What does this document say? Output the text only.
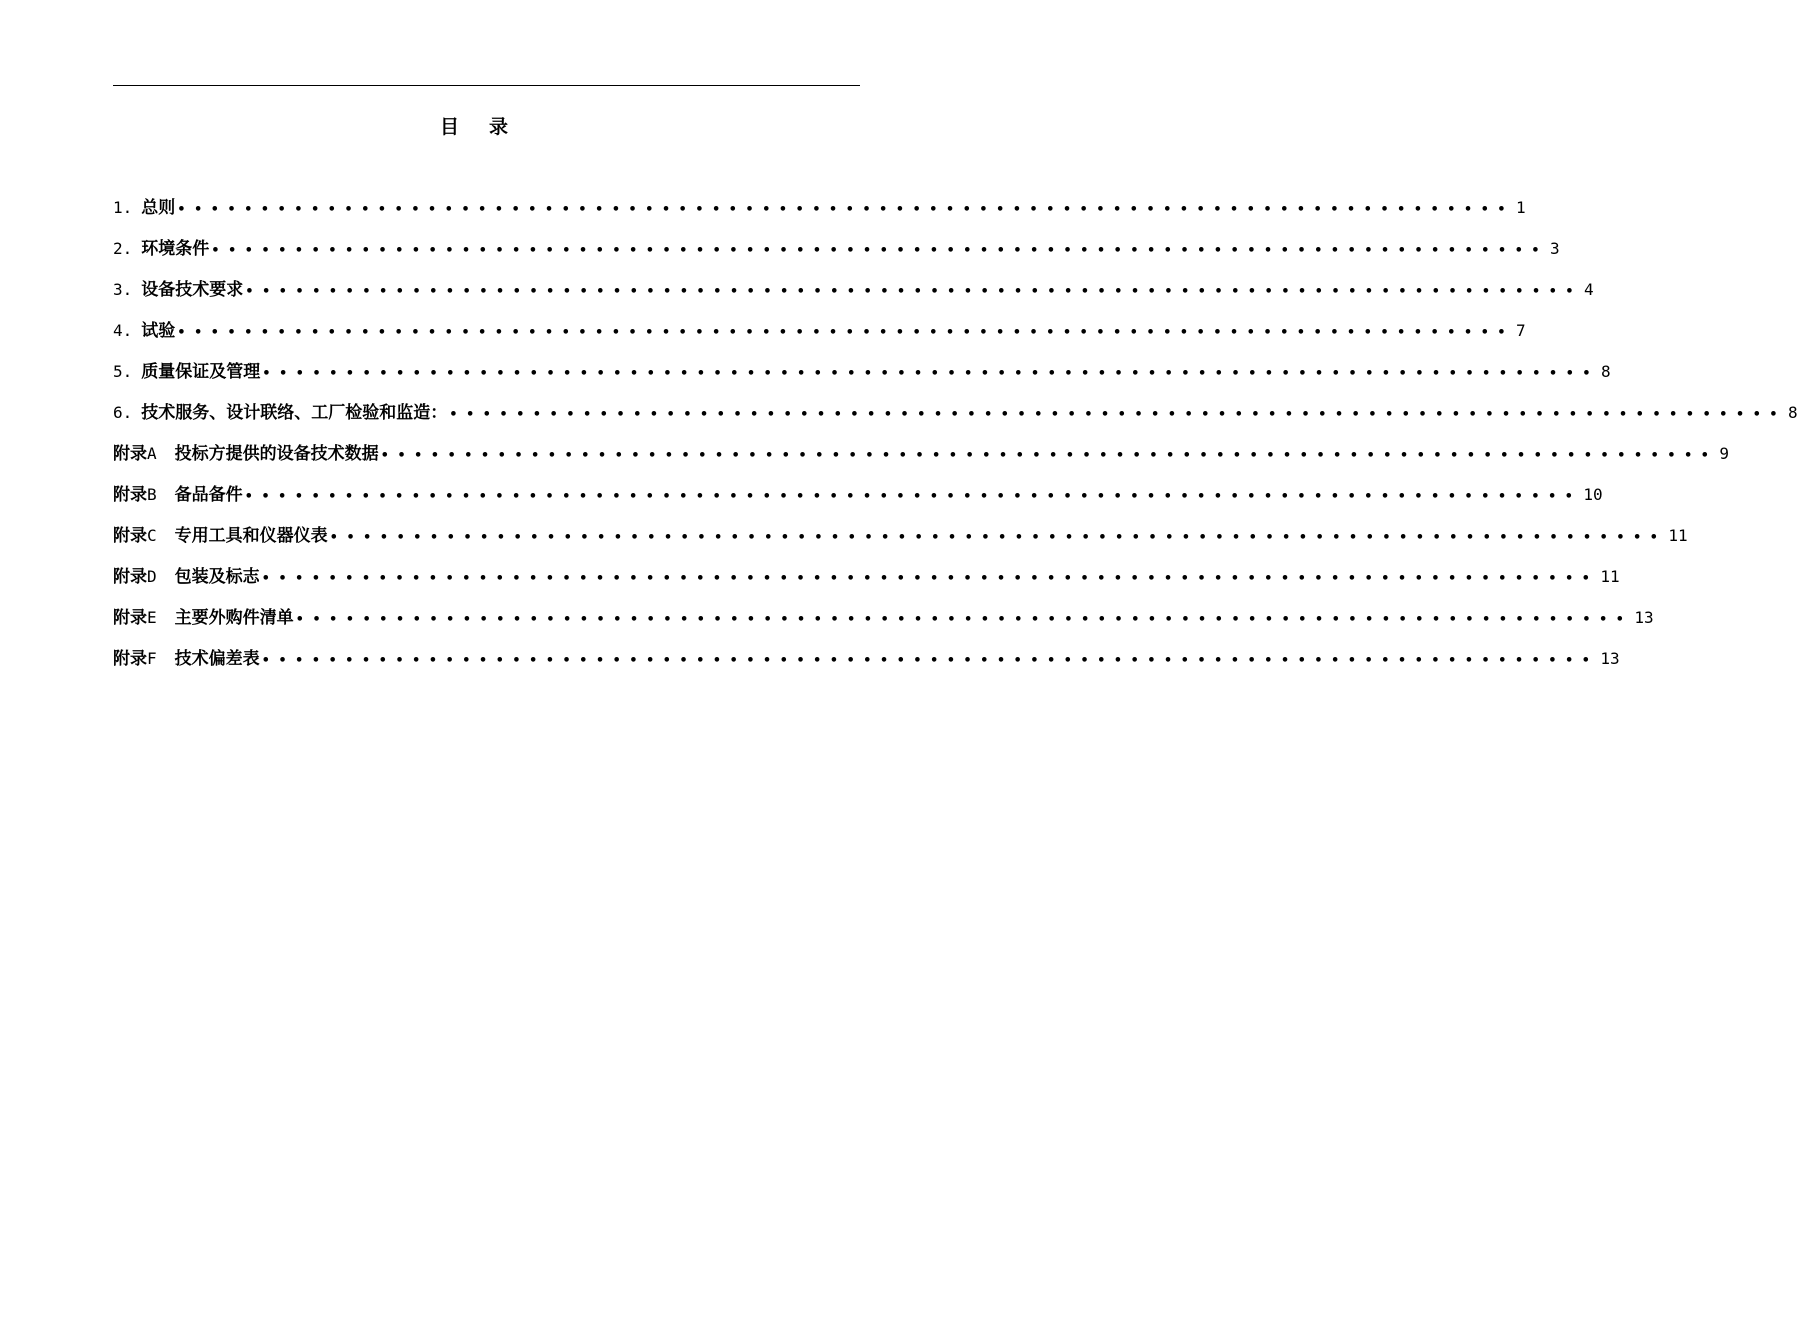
目 录
1. 总则 •••••••••••••••••••••••••••••••••••••••••••••••••••••••••••••••••••••••••••••••• 1
2. 环境条件 •••••••••••••••••••••••••••••••••••••••••••••••••••••••••••••••••••••••••••••••• 3
3. 设备技术要求 •••••••••••••••••••••••••••••••••••••••••••••••••••••••••••••••••••••••••••••••• 4
4. 试验 •••••••••••••••••••••••••••••••••••••••••••••••••••••••••••••••••••••••••••••••• 7
5. 质量保证及管理 •••••••••••••••••••••••••••••••••••••••••••••••••••••••••••••••••••••••••••••••• 8
6. 技术服务、设计联络、工厂检验和监造： •••••••••••••••••••••••••••••••••••••••••••••••••••••••••••••••••••••••••••••••• 8
附录 A 投标方提供的设备技术数据 •••••••••••••••••••••••••••••••••••••••••••••••••••••••••••••••••••••••••••••••• 9
附录 B 备品备件 •••••••••••••••••••••••••••••••••••••••••••••••••••••••••••••••••••••••••••••••• 10
附录 C 专用工具和仪器仪表 •••••••••••••••••••••••••••••••••••••••••••••••••••••••••••••••••••••••••••••••• 11
附录 D 包装及标志 •••••••••••••••••••••••••••••••••••••••••••••••••••••••••••••••••••••••••••••••• 11
附录 E 主要外购件清单 •••••••••••••••••••••••••••••••••••••••••••••••••••••••••••••••••••••••••••••••• 13
附录 F 技术偏差表 •••••••••••••••••••••••••••••••••••••••••••••••••••••••••••••••••••••••••••••••• 13
